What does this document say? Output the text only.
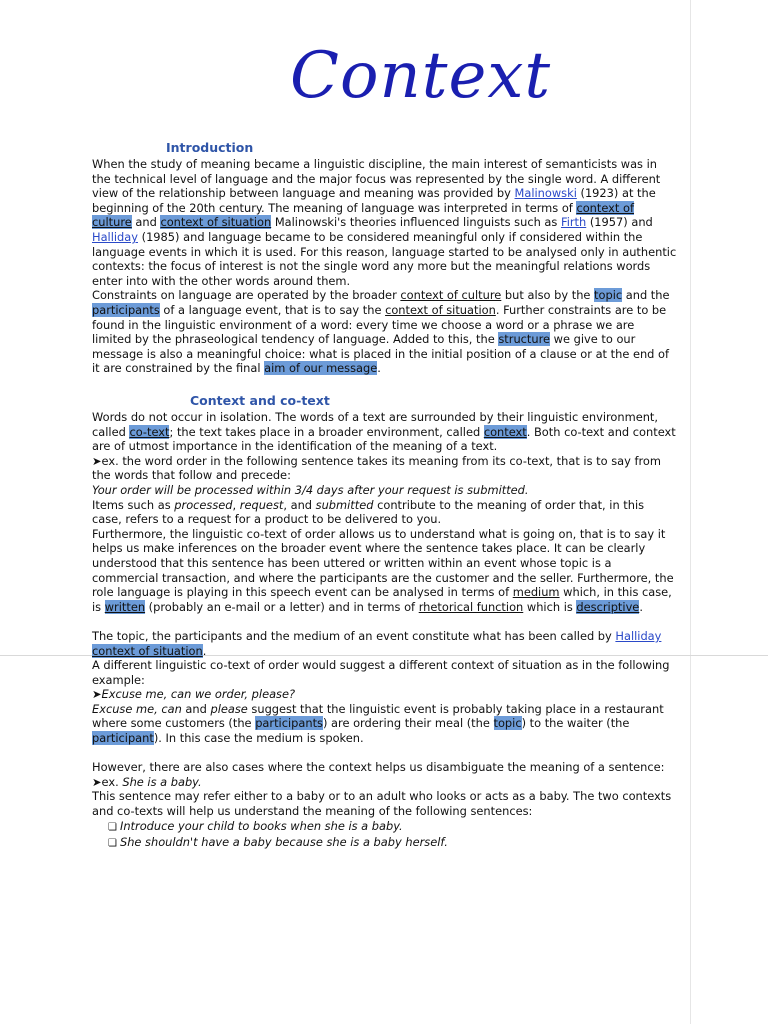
Context
Introduction

When the study of meaning became a linguistic discipline, the main interest of semanticists was in the technical level of language and the major focus was represented by the single word. A different view of the relationship between language and meaning was provided by Malinowski (1923) at the beginning of the 20th century. The meaning of language was interpreted in terms of context of culture and context of situation Malinowski's theories influenced linguists such as Firth (1957) and Halliday (1985) and language became to be considered meaningful only if considered within the language events in which it is used. For this reason, language started to be analysed only in authentic contexts: the focus of interest is not the single word any more but the meaningful relations words enter into with the other words around them.

Constraints on language are operated by the broader context of culture but also by the topic and the participants of a language event, that is to say the context of situation. Further constraints are to be found in the linguistic environment of a word: every time we choose a word or a phrase we are limited by the phraseological tendency of language. Added to this, the structure we give to our message is also a meaningful choice: what is placed in the initial position of a clause or at the end of it are constrained by the final aim of our message.

Context and co-text

Words do not occur in isolation. The words of a text are surrounded by their linguistic environment, called co-text; the text takes place in a broader environment, called context. Both co-text and context are of utmost importance in the identification of the meaning of a text.

➤ex. the word order in the following sentence takes its meaning from its co-text, that is to say from the words that follow and precede:

Your order will be processed within 3/4 days after your request is submitted.

Items such as processed, request, and submitted contribute to the meaning of order that, in this case, refers to a request for a product to be delivered to you.

Furthermore, the linguistic co-text of order allows us to understand what is going on, that is to say it helps us make inferences on the broader event where the sentence takes place. It can be clearly understood that this sentence has been uttered or written within an event whose topic is a commercial transaction, and where the participants are the customer and the seller. Furthermore, the role language is playing in this speech event can be analysed in terms of medium which, in this case, is written (probably an e-mail or a letter) and in terms of rhetorical function which is descriptive.

The topic, the participants and the medium of an event constitute what has been called by Halliday
context of situation.

A different linguistic co-text of order would suggest a different context of situation as in the following example:

➤Excuse me, can we order, please?

Excuse me, can and please suggest that the linguistic event is probably taking place in a restaurant where some customers (the participants) are ordering their meal (the topic) to the waiter (the participant). In this case the medium is spoken.

However, there are also cases where the context helps us disambiguate the meaning of a sentence:

➤ex. She is a baby.

This sentence may refer either to a baby or to an adult who looks or acts as a baby. The two contexts and co-texts will help us understand the meaning of the following sentences:

❏ Introduce your child to books when she is a baby.
❏ She shouldn't have a baby because she is a baby herself.
